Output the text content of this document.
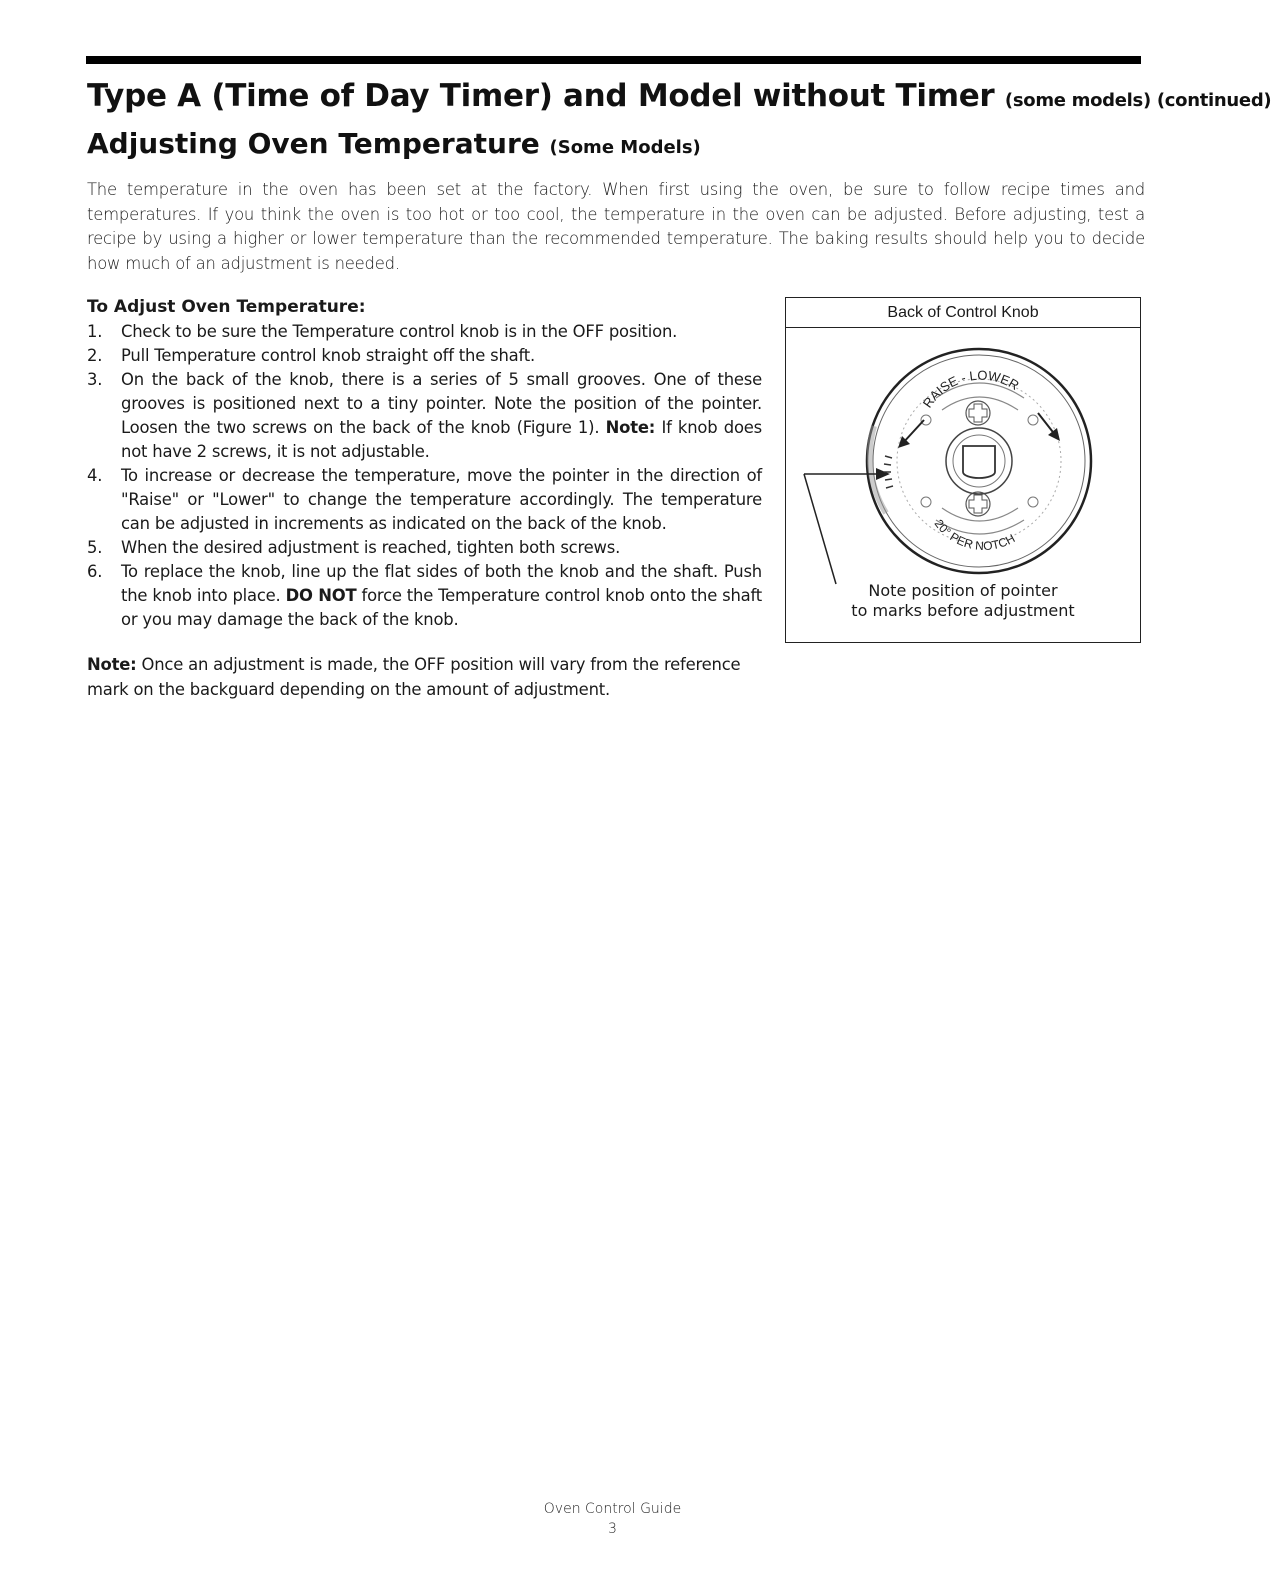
Type A (Time of Day Timer) and Model without Timer (some models) (continued)
Adjusting Oven Temperature (Some Models)
The temperature in the oven has been set at the factory. When first using the oven, be sure to follow recipe times and temperatures. If you think the oven is too hot or too cool, the temperature in the oven can be adjusted. Before adjusting, test a recipe by using a higher or lower temperature than the recommended temperature. The baking results should help you to decide how much of an adjustment is needed.
To Adjust Oven Temperature:
1. Check to be sure the Temperature control knob is in the OFF position.
2. Pull Temperature control knob straight off the shaft.
3. On the back of the knob, there is a series of 5 small grooves. One of these grooves is positioned next to a tiny pointer. Note the position of the pointer. Loosen the two screws on the back of the knob (Figure 1). Note: If knob does not have 2 screws, it is not adjustable.
4. To increase or decrease the temperature, move the pointer in the direction of "Raise" or "Lower" to change the temperature accordingly. The temperature can be adjusted in increments as indicated on the back of the knob.
5. When the desired adjustment is reached, tighten both screws.
6. To replace the knob, line up the flat sides of both the knob and the shaft. Push the knob into place. DO NOT force the Temperature control knob onto the shaft or you may damage the back of the knob.
Note: Once an adjustment is made, the OFF position will vary from the reference mark on the backguard depending on the amount of adjustment.
RAISE - LOWER
20° PER NOTCH
Back of Control Knob
Note position of pointer
to marks before adjustment
Oven Control Guide
3
